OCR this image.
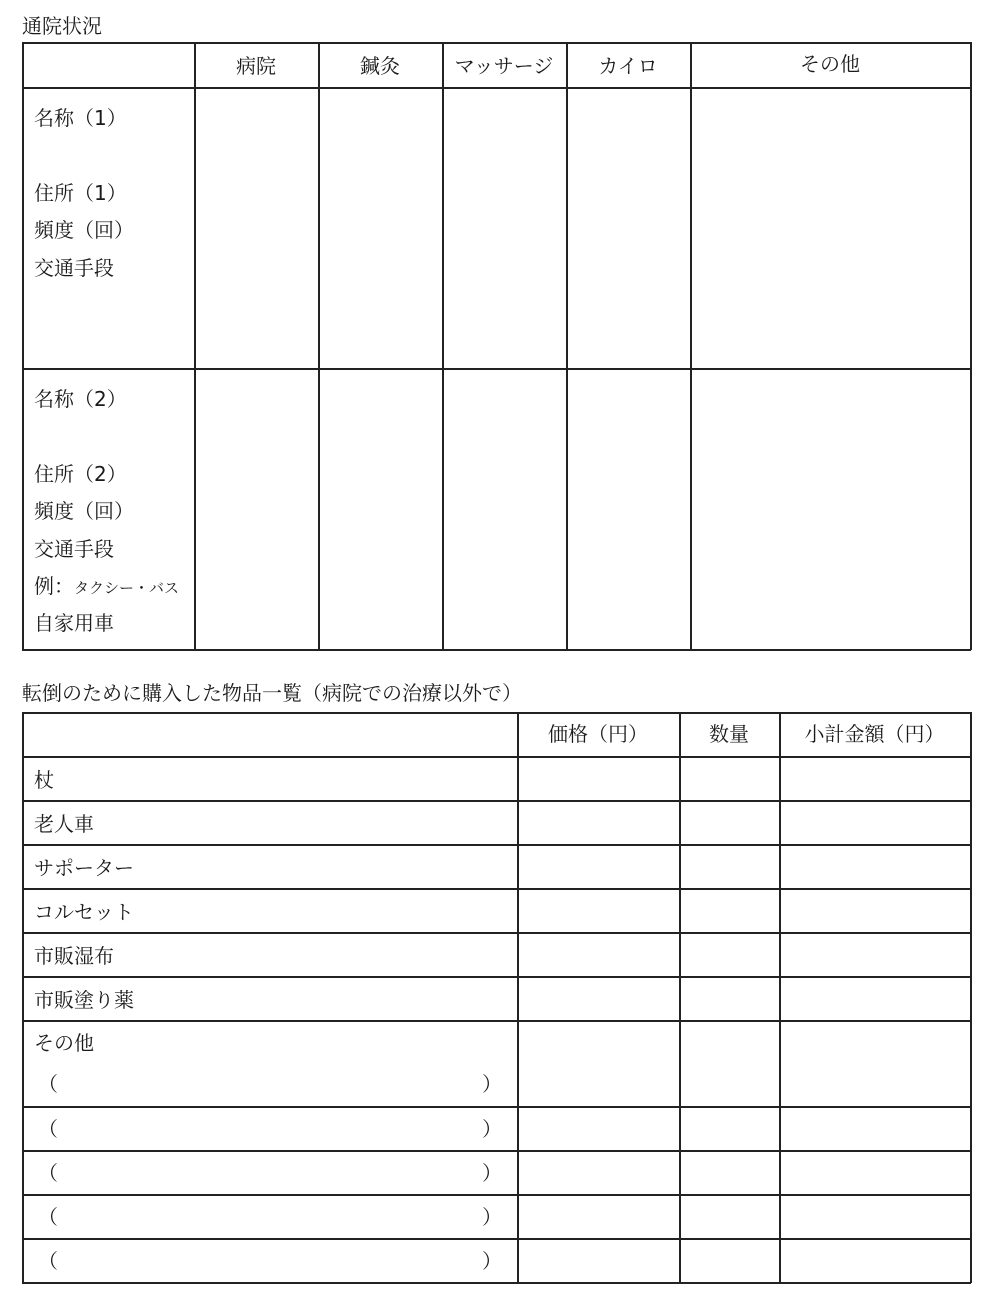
通院状況
病院	鍼灸	マッサージ	カイロ	その他
名称（1）
住所（1）
頻度（回）
交通手段
名称（2）
住所（2）
頻度（回）
交通手段
例：タクシー・バス
自家用車
転倒のために購入した物品一覧（病院での治療以外で）
価格（円）	数量	小計金額（円）
杖
老人車
サポーター
コルセット
市販湿布
市販塗り薬
その他
（	）
（	）
（	）
（	）
（	）
